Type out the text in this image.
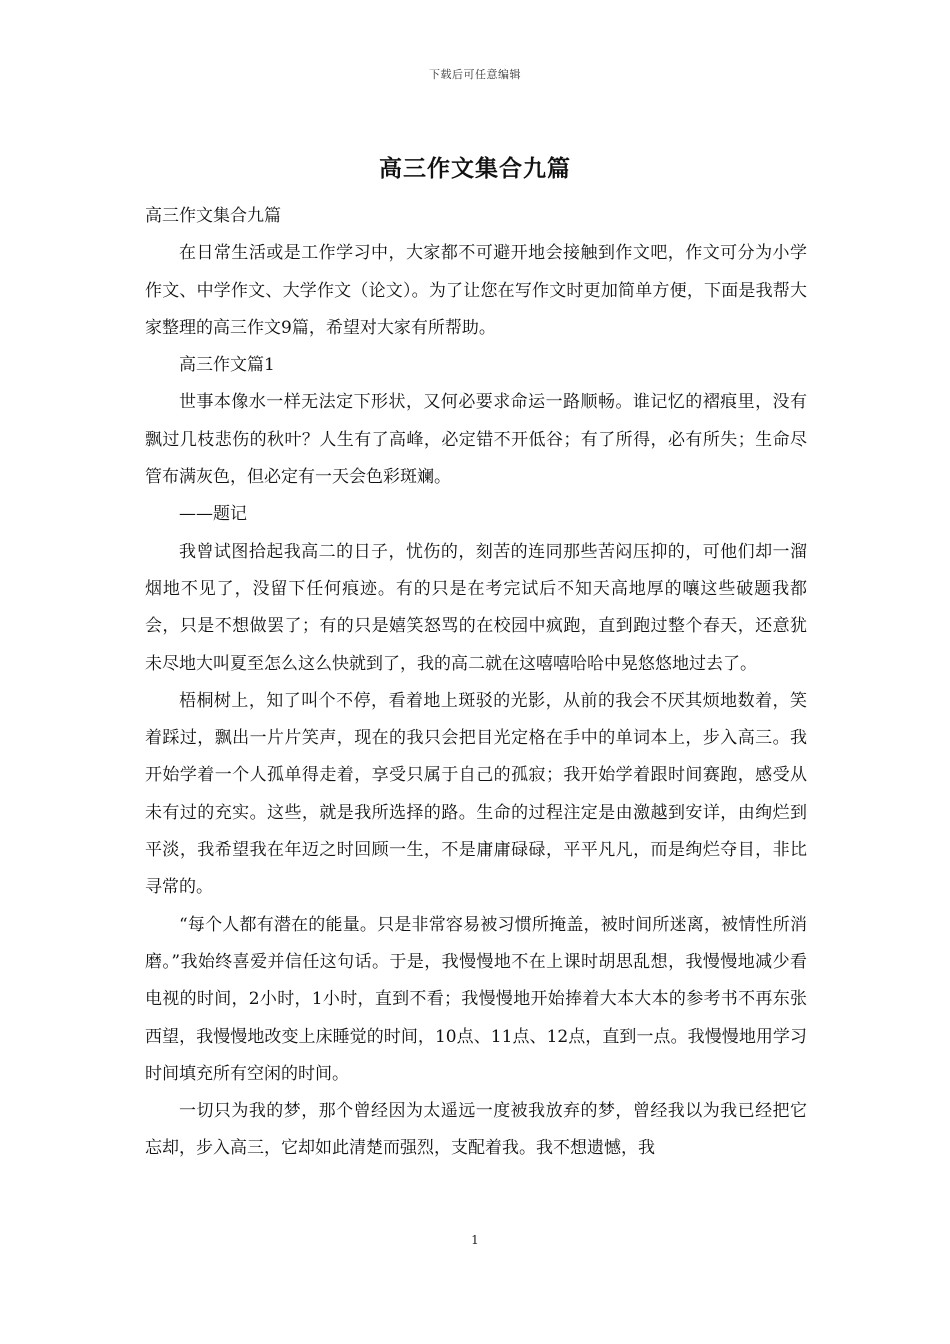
下载后可任意编辑
高三作文集合九篇

高三作文集合九篇

在日常生活或是工作学习中，大家都不可避开地会接触到作文吧，作文可分为小学作文、中学作文、大学作文（论文）。为了让您在写作文时更加简单方便，下面是我帮大家整理的高三作文9篇，希望对大家有所帮助。

高三作文篇1

世事本像水一样无法定下形状，又何必要求命运一路顺畅。谁记忆的褶痕里，没有飘过几枝悲伤的秋叶？人生有了高峰，必定错不开低谷；有了所得，必有所失；生命尽管布满灰色，但必定有一天会色彩斑斓。

——题记

我曾试图拾起我高二的日子，忧伤的，刻苦的连同那些苦闷压抑的，可他们却一溜烟地不见了，没留下任何痕迹。有的只是在考完试后不知天高地厚的嚷这些破题我都会，只是不想做罢了；有的只是嬉笑怒骂的在校园中疯跑，直到跑过整个春天，还意犹未尽地大叫夏至怎么这么快就到了，我的高二就在这嘻嘻哈哈中晃悠悠地过去了。

梧桐树上，知了叫个不停，看着地上斑驳的光影，从前的我会不厌其烦地数着，笑着踩过，飘出一片片笑声，现在的我只会把目光定格在手中的单词本上，步入高三。我开始学着一个人孤单得走着，享受只属于自己的孤寂；我开始学着跟时间赛跑，感受从未有过的充实。这些，就是我所选择的路。生命的过程注定是由激越到安详，由绚烂到平淡，我希望我在年迈之时回顾一生，不是庸庸碌碌，平平凡凡，而是绚烂夺目，非比寻常的。

“每个人都有潜在的能量。只是非常容易被习惯所掩盖，被时间所迷离，被情性所消磨。”我始终喜爱并信任这句话。于是，我慢慢地不在上课时胡思乱想，我慢慢地减少看电视的时间，2小时，1小时，直到不看；我慢慢地开始捧着大本大本的参考书不再东张西望，我慢慢地改变上床睡觉的时间，10点、11点、12点，直到一点。我慢慢地用学习时间填充所有空闲的时间。

一切只为我的梦，那个曾经因为太遥远一度被我放弃的梦，曾经我以为我已经把它忘却，步入高三，它却如此清楚而强烈，支配着我。我不想遗憾，我

1
